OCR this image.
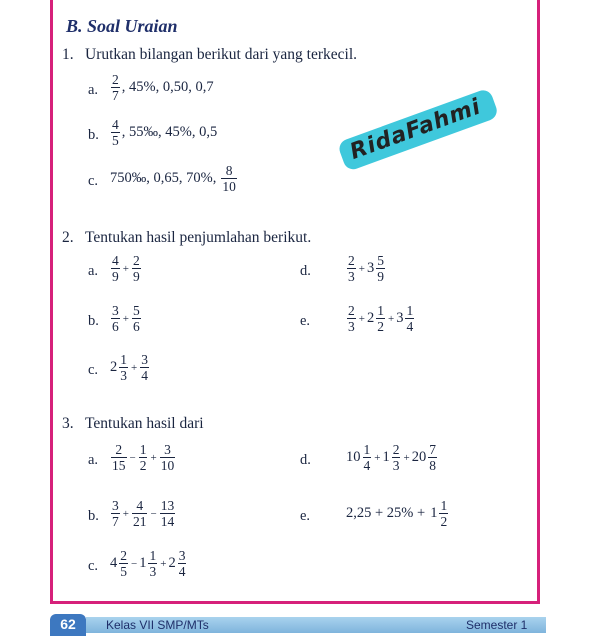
B. Soal Uraian
1. Urutkan bilangan berikut dari yang terkecil.
a. $\frac{2}{7}$ , 45%, 0,50, 0,7
b. $\frac{4}{5}$ , 55‰, 45%, 0,5
c. 750‰, 0,65, 70%, $\frac{8}{10}$
RidaFahmi
2. Tentukan hasil penjumlahan berikut.
a. $\frac{4}{9} + \frac{2}{9}$	d.	$\frac{2}{3} + 3 \frac{5}{9}$
b. $\frac{3}{6} + \frac{5}{6}$	e.	$\frac{2}{3} + 2 \frac{1}{2} + 3 \frac{1}{4}$
c. $2 \frac{1}{3} + \frac{3}{4}$
3. Tentukan hasil dari
a. $\frac{2}{15} - \frac{1}{2} + \frac{3}{10}$	d. $10 \frac{1}{4} + 1 \frac{2}{3} + 20 \frac{7}{8}$
b. $\frac{3}{7} + \frac{4}{21} - \frac{13}{14}$	e. $2,25 + 25\% + 1 \frac{1}{2}$
c. $4 \frac{2}{5} - 1 \frac{1}{3} + 2 \frac{3}{4}$
62	Kelas VII SMP/MTs	Semester 1
